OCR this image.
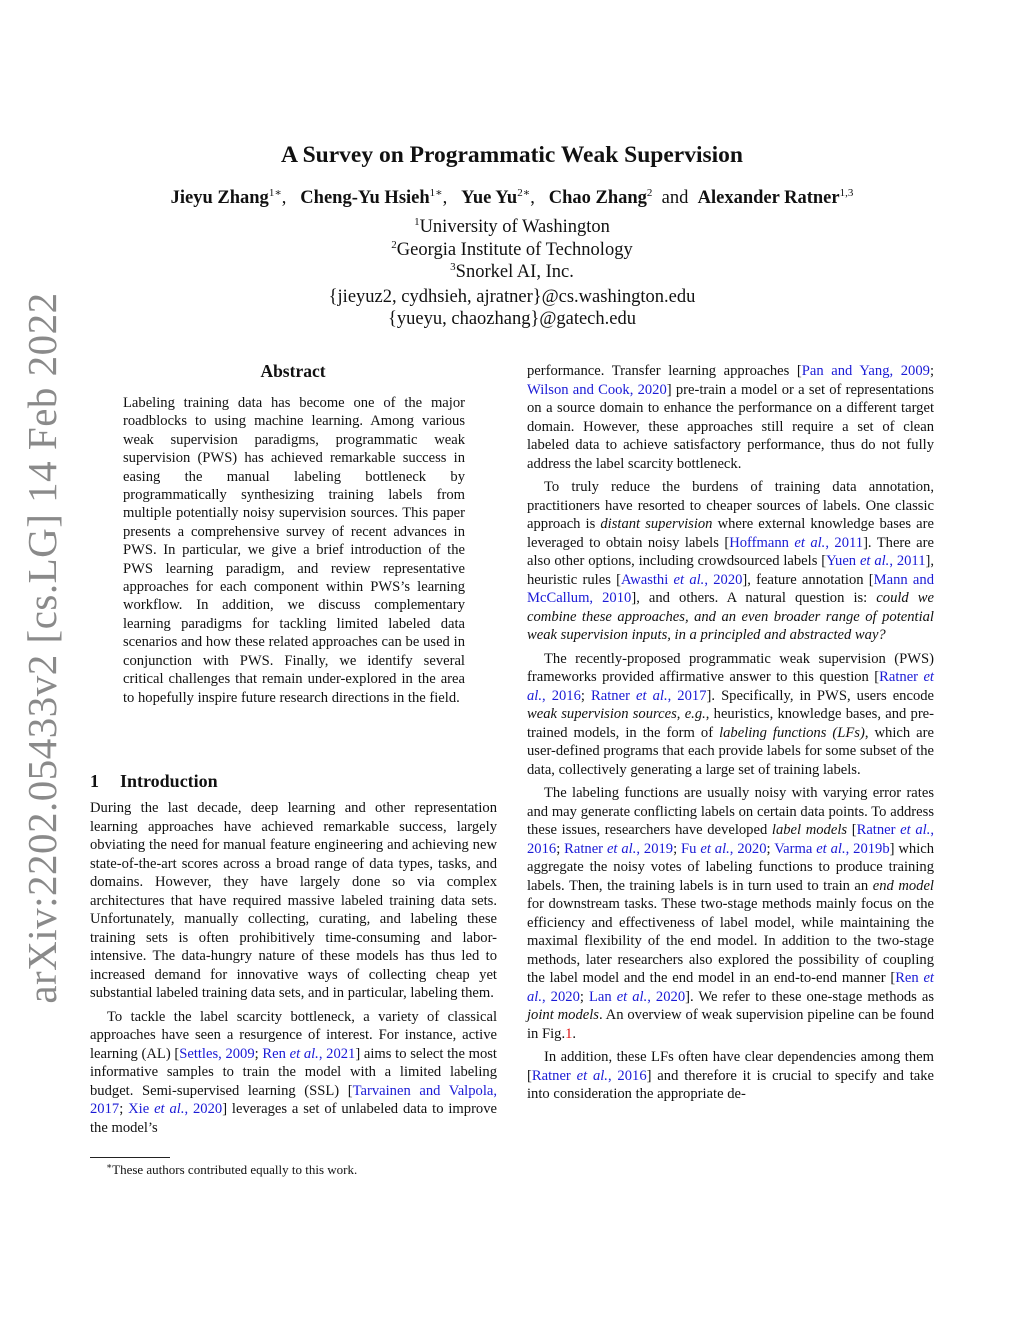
arXiv:2202.05433v2 [cs.LG] 14 Feb 2022
A Survey on Programmatic Weak Supervision
Jieyu Zhang$^{1∗}$,   Cheng-Yu Hsieh$^{1∗}$,   Yue $Yu^{2∗}$,   Chao Zhang$^2$ and Alexander Ratner$^{1,3}$
$^1$University of Washington
$^2$Georgia Institute of Technology
$^3$Snorkel AI, Inc.
{jieyuz2, cydhsieh, ajratner}@cs.washington.edu
{yueyu, chaozhang}@gatech.edu
Abstract
Labeling training data has become one of the major roadblocks to using machine learning. Among various weak supervision paradigms, programmatic weak supervision (PWS) has achieved remarkable success in easing the manual labeling bottleneck by programmatically synthesizing training labels from multiple potentially noisy supervision sources. This paper presents a comprehensive survey of recent advances in PWS. In particular, we give a brief introduction of the PWS learning paradigm, and review representative approaches for each component within PWS’s learning workflow. In addition, we discuss complementary learning paradigms for tackling limited labeled data scenarios and how these related approaches can be used in conjunction with PWS. Finally, we identify several critical challenges that remain under-explored in the area to hopefully inspire future research directions in the field.
1 Introduction

During the last decade, deep learning and other representation learning approaches have achieved remarkable success, largely obviating the need for manual feature engineering and achieving new state-of-the-art scores across a broad range of data types, tasks, and domains. However, they have largely done so via complex architectures that have required massive labeled training data sets. Unfortunately, manually collecting, curating, and labeling these training sets is often prohibitively time-consuming and labor-intensive. The data-hungry nature of these models has thus led to increased demand for innovative ways of collecting cheap yet substantial labeled training data sets, and in particular, labeling them.

To tackle the label scarcity bottleneck, a variety of classical approaches have seen a resurgence of interest. For instance, active learning (AL) [Settles, 2009; Ren et al., 2021] aims to select the most informative samples to train the model with a limited labeling budget. Semi-supervised learning (SSL) [Tarvainen and Valpola, 2017; Xie et al., 2020] leverages a set of unlabeled data to improve the model’s

∗These authors contributed equally to this work.

performance. Transfer learning approaches [Pan and Yang, 2009; Wilson and Cook, 2020] pre-train a model or a set of representations on a source domain to enhance the performance on a different target domain. However, these approaches still require a set of clean labeled data to achieve satisfactory performance, thus do not fully address the label scarcity bottleneck.

To truly reduce the burdens of training data annotation, practitioners have resorted to cheaper sources of labels. One classic approach is distant supervision where external knowledge bases are leveraged to obtain noisy labels [Hoffmann et al., 2011]. There are also other options, including crowdsourced labels [Yuen et al., 2011], heuristic rules [Awasthi et al., 2020], feature annotation [Mann and McCallum, 2010], and others. A natural question is: could we combine these approaches, and an even broader range of potential weak supervision inputs, in a principled and abstracted way?

The recently-proposed programmatic weak supervision (PWS) frameworks provided affirmative answer to this question [Ratner et al., 2016; Ratner et al., 2017]. Specifically, in PWS, users encode weak supervision sources, e.g., heuristics, knowledge bases, and pre-trained models, in the form of labeling functions (LFs), which are user-defined programs that each provide labels for some subset of the data, collectively generating a large set of training labels.

The labeling functions are usually noisy with varying error rates and may generate conflicting labels on certain data points. To address these issues, researchers have developed label models [Ratner et al., 2016; Ratner et al., 2019; Fu et al., 2020; Varma et al., 2019b] which aggregate the noisy votes of labeling functions to produce training labels. Then, the training labels is in turn used to train an end model for downstream tasks. These two-stage methods mainly focus on the efficiency and effectiveness of label model, while maintaining the maximal flexibility of the end model. In addition to the two-stage methods, later researchers also explored the possibility of coupling the label model and the end model in an end-to-end manner [Ren et al., 2020; Lan et al., 2020]. We refer to these one-stage methods as joint models. An overview of weak supervision pipeline can be found in Fig.1.

In addition, these LFs often have clear dependencies among them [Ratner et al., 2016] and therefore it is crucial to specify and take into consideration the appropriate de-
